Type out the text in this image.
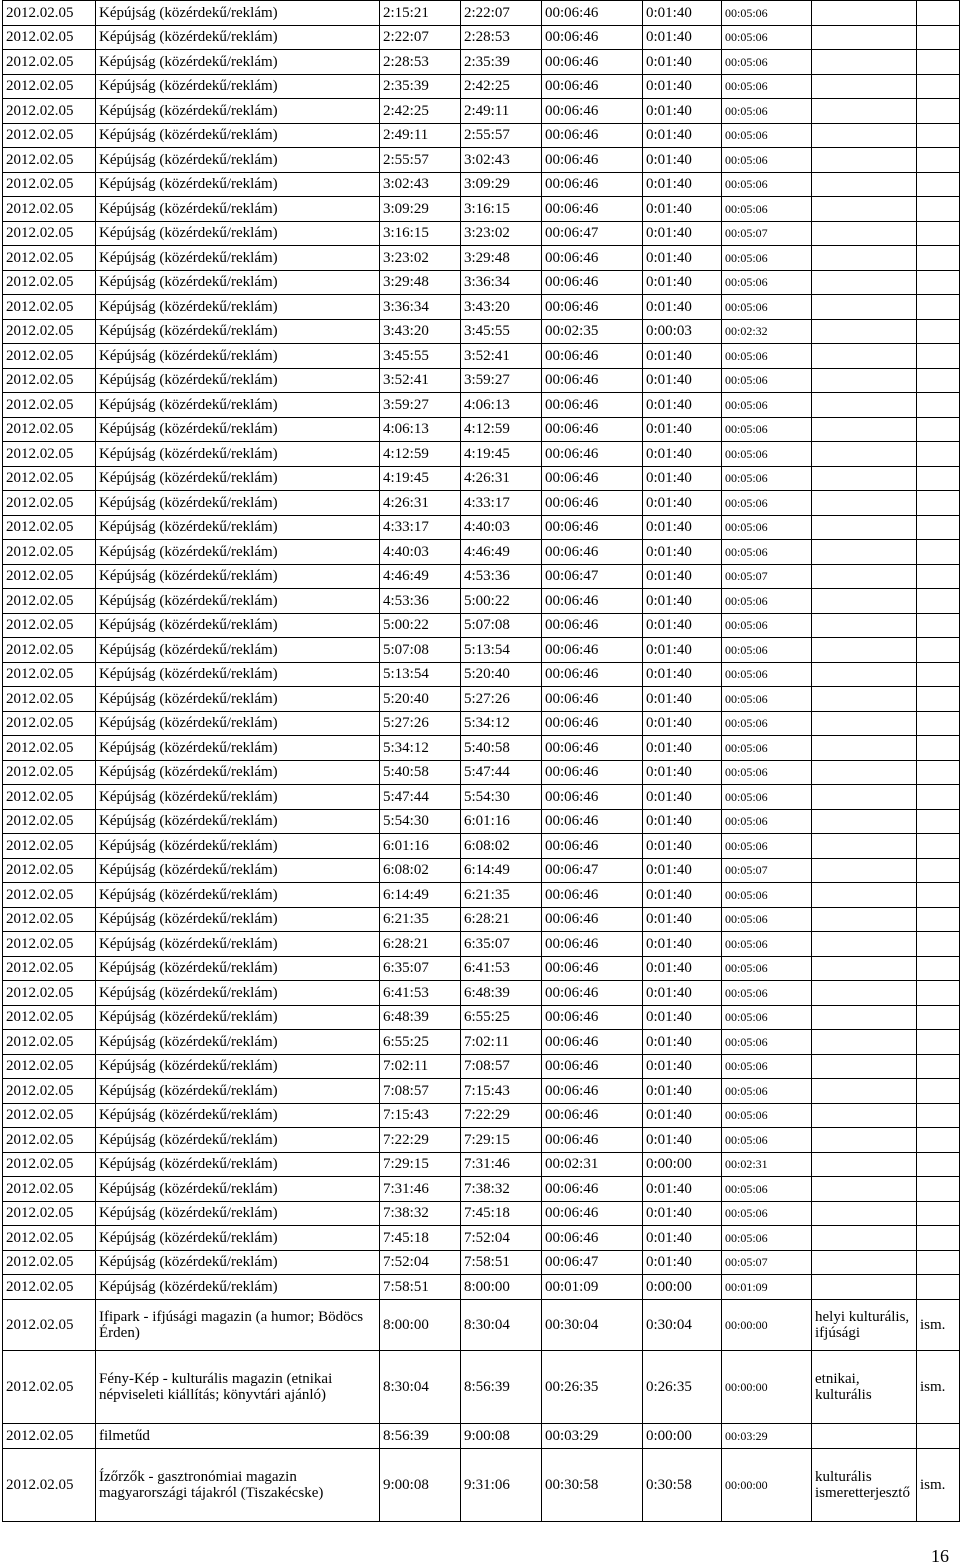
2012.02.05	Képújság (közérdekű/reklám)	2:15:21	2:22:07	00:06:46	0:01:40	00:05:06		
2012.02.05	Képújság (közérdekű/reklám)	2:22:07	2:28:53	00:06:46	0:01:40	00:05:06		
2012.02.05	Képújság (közérdekű/reklám)	2:28:53	2:35:39	00:06:46	0:01:40	00:05:06		
2012.02.05	Képújság (közérdekű/reklám)	2:35:39	2:42:25	00:06:46	0:01:40	00:05:06		
2012.02.05	Képújság (közérdekű/reklám)	2:42:25	2:49:11	00:06:46	0:01:40	00:05:06		
2012.02.05	Képújság (közérdekű/reklám)	2:49:11	2:55:57	00:06:46	0:01:40	00:05:06		
2012.02.05	Képújság (közérdekű/reklám)	2:55:57	3:02:43	00:06:46	0:01:40	00:05:06		
2012.02.05	Képújság (közérdekű/reklám)	3:02:43	3:09:29	00:06:46	0:01:40	00:05:06		
2012.02.05	Képújság (közérdekű/reklám)	3:09:29	3:16:15	00:06:46	0:01:40	00:05:06		
2012.02.05	Képújság (közérdekű/reklám)	3:16:15	3:23:02	00:06:47	0:01:40	00:05:07		
2012.02.05	Képújság (közérdekű/reklám)	3:23:02	3:29:48	00:06:46	0:01:40	00:05:06		
2012.02.05	Képújság (közérdekű/reklám)	3:29:48	3:36:34	00:06:46	0:01:40	00:05:06		
2012.02.05	Képújság (közérdekű/reklám)	3:36:34	3:43:20	00:06:46	0:01:40	00:05:06		
2012.02.05	Képújság (közérdekű/reklám)	3:43:20	3:45:55	00:02:35	0:00:03	00:02:32		
2012.02.05	Képújság (közérdekű/reklám)	3:45:55	3:52:41	00:06:46	0:01:40	00:05:06		
2012.02.05	Képújság (közérdekű/reklám)	3:52:41	3:59:27	00:06:46	0:01:40	00:05:06		
2012.02.05	Képújság (közérdekű/reklám)	3:59:27	4:06:13	00:06:46	0:01:40	00:05:06		
2012.02.05	Képújság (közérdekű/reklám)	4:06:13	4:12:59	00:06:46	0:01:40	00:05:06		
2012.02.05	Képújság (közérdekű/reklám)	4:12:59	4:19:45	00:06:46	0:01:40	00:05:06		
2012.02.05	Képújság (közérdekű/reklám)	4:19:45	4:26:31	00:06:46	0:01:40	00:05:06		
2012.02.05	Képújság (közérdekű/reklám)	4:26:31	4:33:17	00:06:46	0:01:40	00:05:06		
2012.02.05	Képújság (közérdekű/reklám)	4:33:17	4:40:03	00:06:46	0:01:40	00:05:06		
2012.02.05	Képújság (közérdekű/reklám)	4:40:03	4:46:49	00:06:46	0:01:40	00:05:06		
2012.02.05	Képújság (közérdekű/reklám)	4:46:49	4:53:36	00:06:47	0:01:40	00:05:07		
2012.02.05	Képújság (közérdekű/reklám)	4:53:36	5:00:22	00:06:46	0:01:40	00:05:06		
2012.02.05	Képújság (közérdekű/reklám)	5:00:22	5:07:08	00:06:46	0:01:40	00:05:06		
2012.02.05	Képújság (közérdekű/reklám)	5:07:08	5:13:54	00:06:46	0:01:40	00:05:06		
2012.02.05	Képújság (közérdekű/reklám)	5:13:54	5:20:40	00:06:46	0:01:40	00:05:06		
2012.02.05	Képújság (közérdekű/reklám)	5:20:40	5:27:26	00:06:46	0:01:40	00:05:06		
2012.02.05	Képújság (közérdekű/reklám)	5:27:26	5:34:12	00:06:46	0:01:40	00:05:06		
2012.02.05	Képújság (közérdekű/reklám)	5:34:12	5:40:58	00:06:46	0:01:40	00:05:06		
2012.02.05	Képújság (közérdekű/reklám)	5:40:58	5:47:44	00:06:46	0:01:40	00:05:06		
2012.02.05	Képújság (közérdekű/reklám)	5:47:44	5:54:30	00:06:46	0:01:40	00:05:06		
2012.02.05	Képújság (közérdekű/reklám)	5:54:30	6:01:16	00:06:46	0:01:40	00:05:06		
2012.02.05	Képújság (közérdekű/reklám)	6:01:16	6:08:02	00:06:46	0:01:40	00:05:06		
2012.02.05	Képújság (közérdekű/reklám)	6:08:02	6:14:49	00:06:47	0:01:40	00:05:07		
2012.02.05	Képújság (közérdekű/reklám)	6:14:49	6:21:35	00:06:46	0:01:40	00:05:06		
2012.02.05	Képújság (közérdekű/reklám)	6:21:35	6:28:21	00:06:46	0:01:40	00:05:06		
2012.02.05	Képújság (közérdekű/reklám)	6:28:21	6:35:07	00:06:46	0:01:40	00:05:06		
2012.02.05	Képújság (közérdekű/reklám)	6:35:07	6:41:53	00:06:46	0:01:40	00:05:06		
2012.02.05	Képújság (közérdekű/reklám)	6:41:53	6:48:39	00:06:46	0:01:40	00:05:06		
2012.02.05	Képújság (közérdekű/reklám)	6:48:39	6:55:25	00:06:46	0:01:40	00:05:06		
2012.02.05	Képújság (közérdekű/reklám)	6:55:25	7:02:11	00:06:46	0:01:40	00:05:06		
2012.02.05	Képújság (közérdekű/reklám)	7:02:11	7:08:57	00:06:46	0:01:40	00:05:06		
2012.02.05	Képújság (közérdekű/reklám)	7:08:57	7:15:43	00:06:46	0:01:40	00:05:06		
2012.02.05	Képújság (közérdekű/reklám)	7:15:43	7:22:29	00:06:46	0:01:40	00:05:06		
2012.02.05	Képújság (közérdekű/reklám)	7:22:29	7:29:15	00:06:46	0:01:40	00:05:06		
2012.02.05	Képújság (közérdekű/reklám)	7:29:15	7:31:46	00:02:31	0:00:00	00:02:31		
2012.02.05	Képújság (közérdekű/reklám)	7:31:46	7:38:32	00:06:46	0:01:40	00:05:06		
2012.02.05	Képújság (közérdekű/reklám)	7:38:32	7:45:18	00:06:46	0:01:40	00:05:06		
2012.02.05	Képújság (közérdekű/reklám)	7:45:18	7:52:04	00:06:46	0:01:40	00:05:06		
2012.02.05	Képújság (közérdekű/reklám)	7:52:04	7:58:51	00:06:47	0:01:40	00:05:07		
2012.02.05	Képújság (közérdekű/reklám)	7:58:51	8:00:00	00:01:09	0:00:00	00:01:09		
2012.02.05	Ifipark - ifjúsági magazin (a humor; Bödöcs Érden)	8:00:00	8:30:04	00:30:04	0:30:04	00:00:00	helyi kulturális, ifjúsági	ism.
2012.02.05	Fény-Kép - kulturális magazin (etnikai népviseleti kiállítás; könyvtári ajánló)	8:30:04	8:56:39	00:26:35	0:26:35	00:00:00	etnikai, kulturális	ism.
2012.02.05	filmetűd	8:56:39	9:00:08	00:03:29	0:00:00	00:03:29		
2012.02.05	Ízőrzők - gasztronómiai magazin magyarországi tájakról (Tiszakécske)	9:00:08	9:31:06	00:30:58	0:30:58	00:00:00	kulturális ismeretterjesztő	ism.
16
